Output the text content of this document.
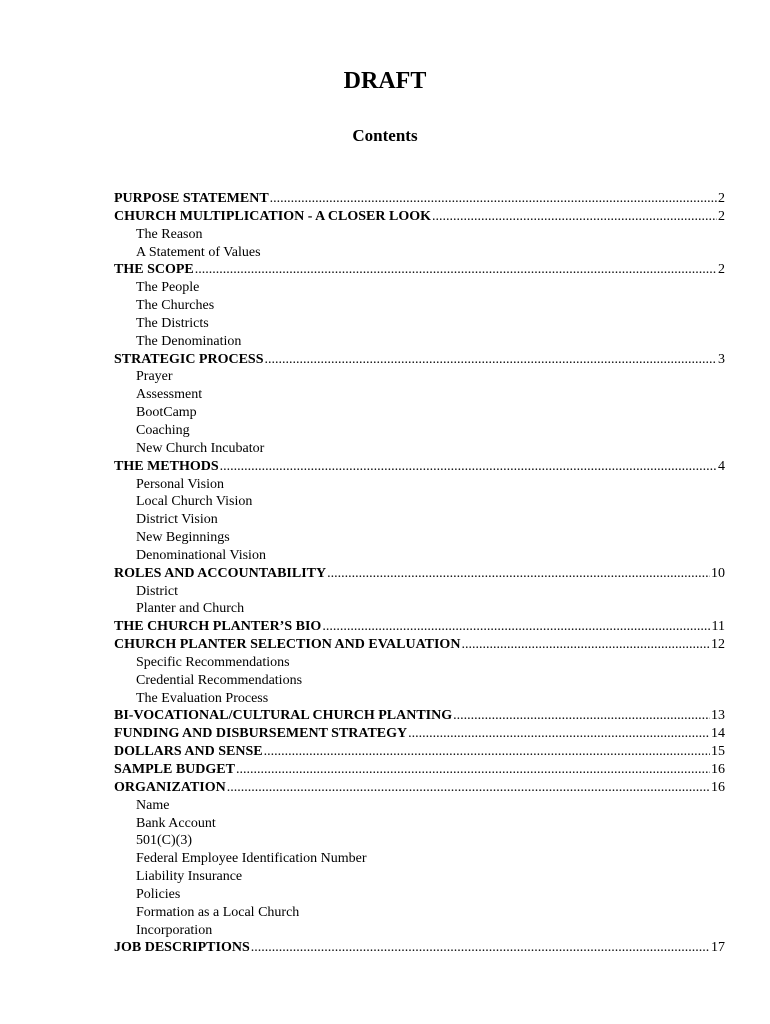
DRAFT
Contents
PURPOSE STATEMENT .....	2
CHURCH MULTIPLICATION - A CLOSER LOOK .....	2
The Reason
A Statement of Values
THE SCOPE .....	2
The People
The Churches
The Districts
The Denomination
STRATEGIC PROCESS .....	3
Prayer
Assessment
BootCamp
Coaching
New Church Incubator
THE METHODS .....	4
Personal Vision
Local Church Vision
District Vision
New Beginnings
Denominational Vision
ROLES AND ACCOUNTABILITY .....	10
District
Planter and Church
THE CHURCH PLANTER’S BIO .....	11
CHURCH PLANTER SELECTION AND EVALUATION .....	12
Specific Recommendations
Credential Recommendations
The Evaluation Process
BI-VOCATIONAL/CULTURAL CHURCH PLANTING .....	13
FUNDING AND DISBURSEMENT STRATEGY .....	14
DOLLARS AND SENSE .....	15
SAMPLE BUDGET .....	16
ORGANIZATION .....	16
Name
Bank Account
501(C)(3)
Federal Employee Identification Number
Liability Insurance
Policies
Formation as a Local Church
Incorporation
JOB DESCRIPTIONS .....	17
